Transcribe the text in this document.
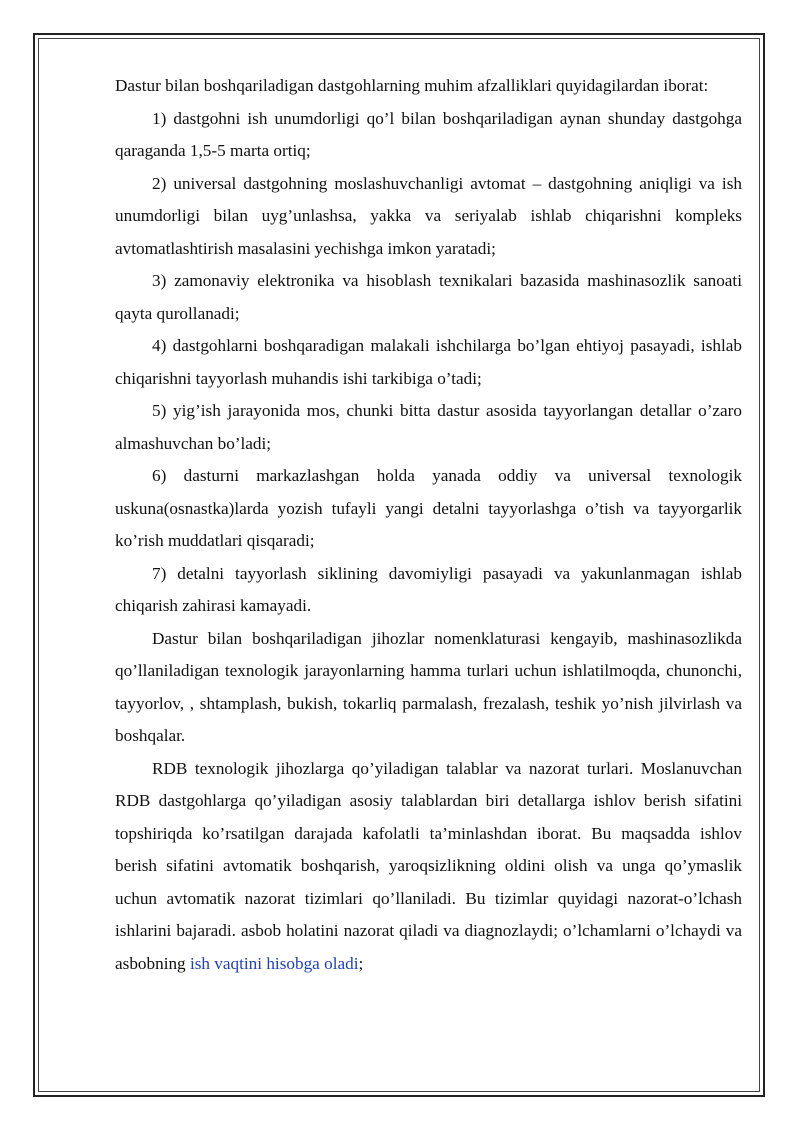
Dastur bilan boshqariladigan dastgohlarning muhim afzalliklari quyidagilardan iborat:

1) dastgohni ish unumdorligi qo’l bilan boshqariladigan aynan shunday dastgohga qaraganda 1,5-5 marta ortiq;

2) universal dastgohning moslashuvchanligi avtomat – dastgohning aniqligi va ish unumdorligi bilan uyg’unlashsa, yakka va seriyalab ishlab chiqarishni kompleks avtomatlashtirish masalasini yechishga imkon yaratadi;

3) zamonaviy elektronika va hisoblash texnikalari bazasida mashinasozlik sanoati qayta qurollanadi;

4) dastgohlarni boshqaradigan malakali ishchilarga bo’lgan ehtiyoj pasayadi, ishlab chiqarishni tayyorlash muhandis ishi tarkibiga o’tadi;

5) yig’ish jarayonida mos, chunki bitta dastur asosida tayyorlangan detallar o’zaro almashuvchan bo’ladi;

6) dasturni markazlashgan holda yanada oddiy va universal texnologik uskuna(osnastka)larda yozish tufayli yangi detalni tayyorlashga o’tish va tayyorgarlik ko’rish muddatlari qisqaradi;

7) detalni tayyorlash siklining davomiyligi pasayadi va yakunlanmagan ishlab chiqarish zahirasi kamayadi.

Dastur bilan boshqariladigan jihozlar nomenklaturasi kengayib, mashinasozlikda qo’llaniladigan texnologik jarayonlarning hamma turlari uchun ishlatilmoqda, chunonchi, tayyorlov, , shtamplash, bukish, tokarliq parmalash, frezalash, teshik yo’nish jilvirlash va boshqalar.

RDB texnologik jihozlarga qo’yiladigan talablar va nazorat turlari. Moslanuvchan RDB dastgohlarga qo’yiladigan asosiy talablardan biri detallarga ishlov berish sifatini topshiriqda ko’rsatilgan darajada kafolatli ta’minlashdan iborat. Bu maqsadda ishlov berish sifatini avtomatik boshqarish, yaroqsizlikning oldini olish va unga qo’ymaslik uchun avtomatik nazorat tizimlari qo’llaniladi. Bu tizimlar quyidagi nazorat-o’lchash ishlarini bajaradi. asbob holatini nazorat qiladi va diagnozlaydi; o’lchamlarni o’lchaydi va asbobning ish vaqtini hisobga oladi;
